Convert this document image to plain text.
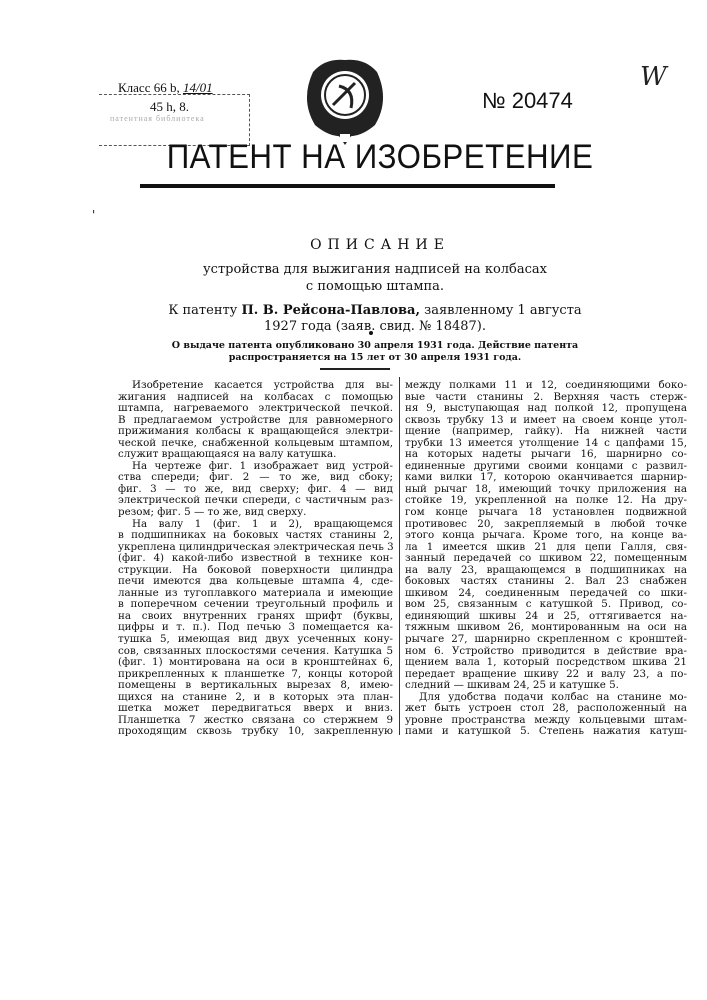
Класс 66 b, 14/01
45 h, 8.
патентная библиотека
№ 20474
W
ПАТЕНТ НА ИЗОБРЕТЕНИЕ
'
ОПИСАНИЕ
устройства для выжигания надписей на колбасах
с помощью штампа.
К патенту П. В. Рейсона-Павлова, заявленному 1 августа
1927 года (заяв. свид. № 18487).
О выдаче патента опубликовано 30 апреля 1931 года. Действие патента
распространяется на 15 лет от 30 апреля 1931 года.
Изобретение касается устройства для вы-
жигания надписей на колбасах с помощью
штампа, нагреваемого электрической печкой.
В предлагаемом устройстве для равномерного
прижимания колбасы к вращающейся электри-
ческой печке, снабженной кольцевым штампом,
служит вращающаяся на валу катушка.
На чертеже фиг. 1 изображает вид устрой-
ства спереди; фиг. 2 — то же, вид сбоку;
фиг. 3 — то же, вид сверху; фиг. 4 — вид
электрической печки спереди, с частичным раз-
резом; фиг. 5 — то же, вид сверху.
На валу 1 (фиг. 1 и 2), вращающемся
в подшипниках на боковых частях станины 2,
укреплена цилиндрическая электрическая печь 3
(фиг. 4) какой-либо известной в технике кон-
струкции. На боковой поверхности цилиндра
печи имеются два кольцевые штампа 4, сде-
ланные из тугоплавкого материала и имеющие
в поперечном сечении треугольный профиль и
на своих внутренних гранях шрифт (буквы,
цифры и т. п.). Под печью 3 помещается ка-
тушка 5, имеющая вид двух усеченных кону-
сов, связанных плоскостями сечения. Катушка 5
(фиг. 1) монтирована на оси в кронштейнах 6,
прикрепленных к планшетке 7, концы которой
помещены в вертикальных вырезах 8, имею-
щихся на станине 2, и в которых эта план-
шетка может передвигаться вверх и вниз.
Планшетка 7 жестко связана со стержнем 9
проходящим сквозь трубку 10, закрепленную
между полками 11 и 12, соединяющими боко-
вые части станины 2. Верхняя часть стерж-
ня 9, выступающая над полкой 12, пропущена
сквозь трубку 13 и имеет на своем конце утол-
щение (например, гайку). На нижней части
трубки 13 имеется утолщение 14 с цапфами 15,
на которых надеты рычаги 16, шарнирно со-
единенные другими своими концами с развил-
ками вилки 17, которою оканчивается шарнир-
ный рычаг 18, имеющий точку приложения на
стойке 19, укрепленной на полке 12. На дру-
гом конце рычага 18 установлен подвижной
противовес 20, закрепляемый в любой точке
этого конца рычага. Кроме того, на конце ва-
ла 1 имеется шкив 21 для цепи Галля, свя-
занный передачей со шкивом 22, помещенным
на валу 23, вращающемся в подшипниках на
боковых частях станины 2. Вал 23 снабжен
шкивом 24, соединенным передачей со шки-
вом 25, связанным с катушкой 5. Привод, со-
единяющий шкивы 24 и 25, оттягивается на-
тяжным шкивом 26, монтированным на оси на
рычаге 27, шарнирно скрепленном с кронштей-
ном 6. Устройство приводится в действие вра-
щением вала 1, который посредством шкива 21
передает вращение шкиву 22 и валу 23, а по-
следний — шкивам 24, 25 и катушке 5.
Для удобства подачи колбас на станине мо-
жет быть устроен стол 28, расположенный на
уровне пространства между кольцевыми штам-
пами и катушкой 5. Степень нажатия катуш-
